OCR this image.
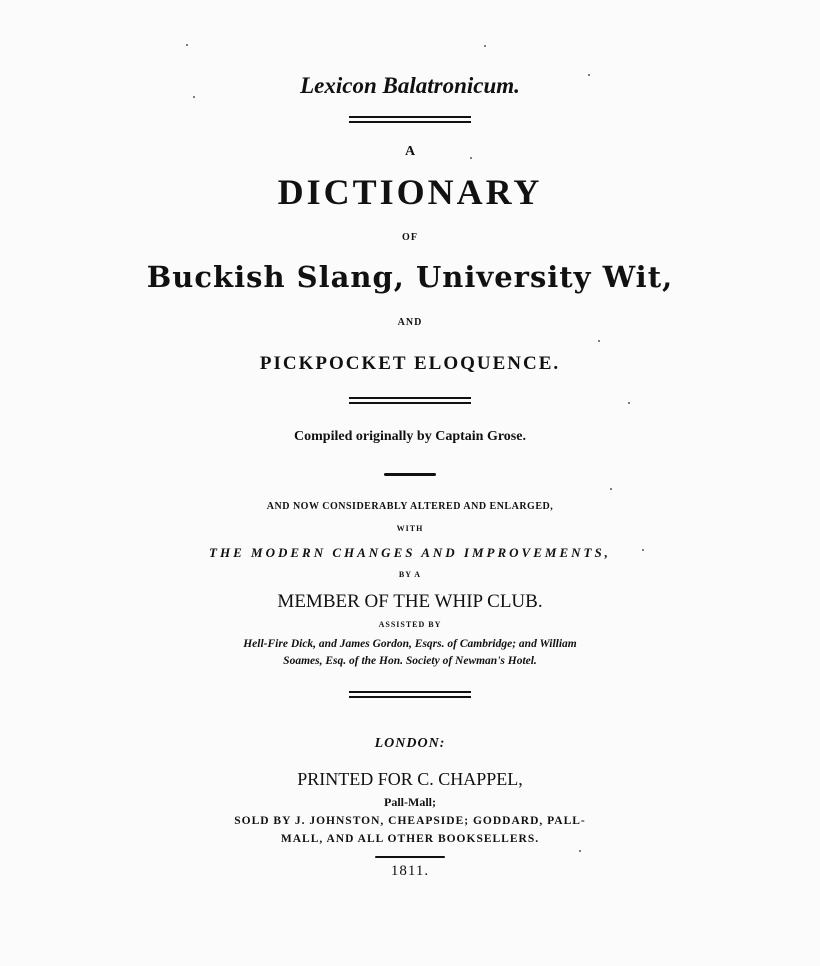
Lexicon Balatronicum.
A
DICTIONARY
OF
Buckish Slang, University Wit,
AND
PICKPOCKET ELOQUENCE.
Compiled originally by Captain Grose.
AND NOW CONSIDERABLY ALTERED AND ENLARGED,
WITH
THE MODERN CHANGES AND IMPROVEMENTS,
BY A
MEMBER OF THE WHIP CLUB.
ASSISTED BY
Hell-Fire Dick, and James Gordon, Esqrs. of Cambridge; and William
Soames, Esq. of the Hon. Society of Newman's Hotel.
LONDON:
PRINTED FOR C. CHAPPEL,
Pall-Mall;
SOLD BY J. JOHNSTON, CHEAPSIDE; GODDARD, PALL-
MALL, AND ALL OTHER BOOKSELLERS.
1811.
